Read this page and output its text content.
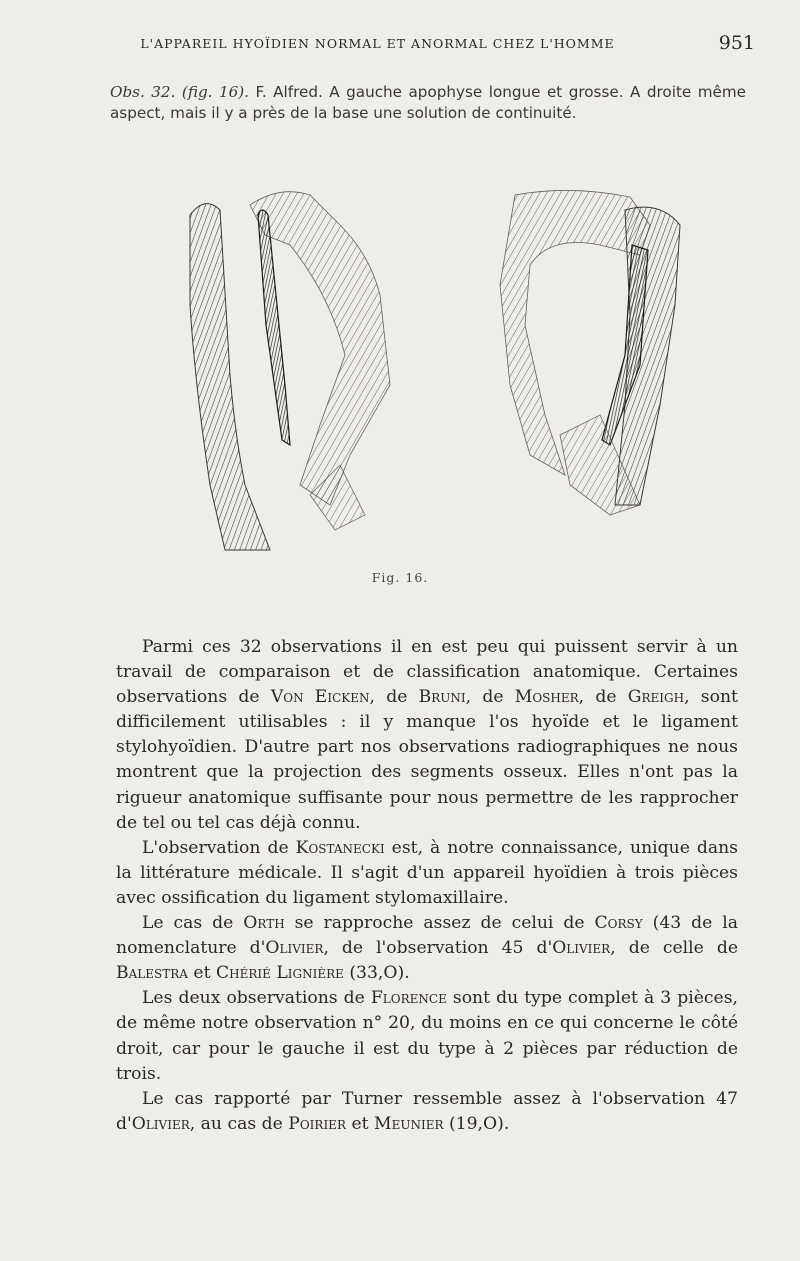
L'APPAREIL HYOÏDIEN NORMAL ET ANORMAL CHEZ L'HOMME	951
Obs. 32. (fig. 16). F. Alfred. A gauche apophyse longue et grosse. A droite même aspect, mais il y a près de la base une solution de continuité.
Fig. 16.

Parmi ces 32 observations il en est peu qui puissent servir à un travail de comparaison et de classification anatomique. Certaines observations de Von Eicken, de Bruni, de Mosher, de Greigh, sont difficilement utilisables : il y manque l'os hyoïde et le ligament stylohyoïdien. D'autre part nos observations radiographiques ne nous montrent que la projection des segments osseux. Elles n'ont pas la rigueur anatomique suffisante pour nous permettre de les rapprocher de tel ou tel cas déjà connu.

L'observation de Kostanecki est, à notre connaissance, unique dans la littérature médicale. Il s'agit d'un appareil hyoïdien à trois pièces avec ossification du ligament stylomaxillaire.

Le cas de Orth se rapproche assez de celui de Corsy (43 de la nomenclature d'Olivier, de l'observation 45 d'Olivier, de celle de Balestra et Chérié Lignière (33,O).

Les deux observations de Florence sont du type complet à 3 pièces, de même notre observation n° 20, du moins en ce qui concerne le côté droit, car pour le gauche il est du type à 2 pièces par réduction de trois.

Le cas rapporté par Turner ressemble assez à l'observation 47 d'Olivier, au cas de Poirier et Meunier (19,O).
